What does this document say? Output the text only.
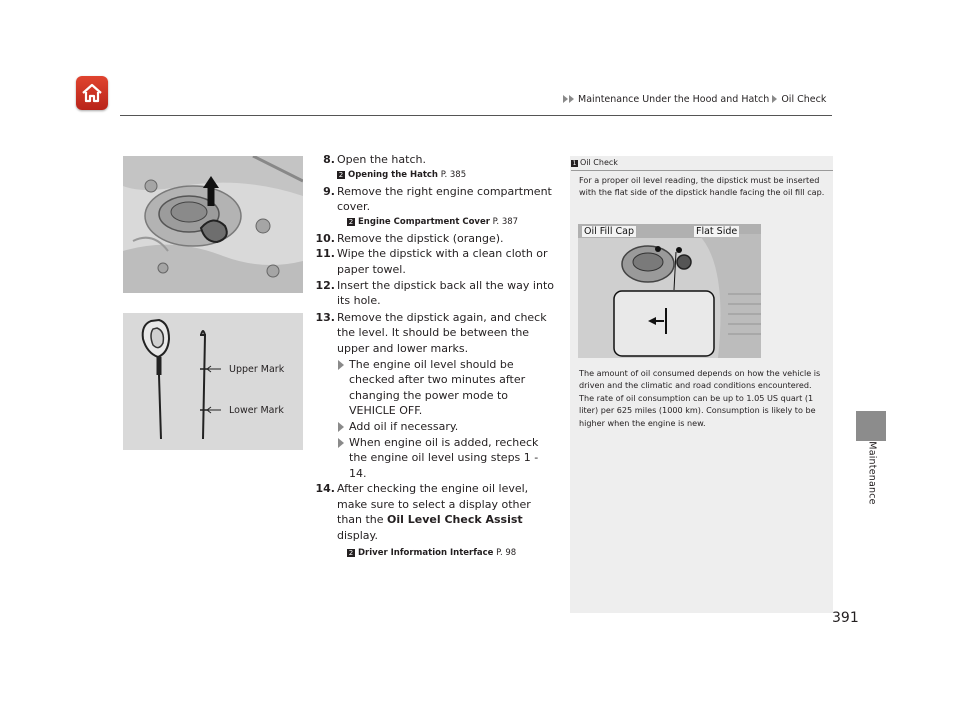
Maintenance Under the Hood and Hatch Oil Check
Maintenance
Upper Mark
Lower Mark
8. Open the hatch.
2 Opening the Hatch P. 385
9. Remove the right engine compartment cover.
2 Engine Compartment Cover P. 387
10. Remove the dipstick (orange).
11. Wipe the dipstick with a clean cloth or paper towel.
12. Insert the dipstick back all the way into its hole.
13. Remove the dipstick again, and check the level. It should be between the upper and lower marks.
The engine oil level should be checked after two minutes after changing the power mode to VEHICLE OFF.
Add oil if necessary.
When engine oil is added, recheck the engine oil level using steps 1 - 14.
14. After checking the engine oil level, make sure to select a display other than the Oil Level Check Assist display.
2 Driver Information Interface P. 98
1 Oil Check
For a proper oil level reading, the dipstick must be inserted with the flat side of the dipstick handle facing the oil fill cap.
Oil Fill Cap	Flat Side
The amount of oil consumed depends on how the vehicle is driven and the climatic and road conditions encountered. The rate of oil consumption can be up to 1.05 US quart (1 liter) per 625 miles (1000 km). Consumption is likely to be higher when the engine is new.
391
